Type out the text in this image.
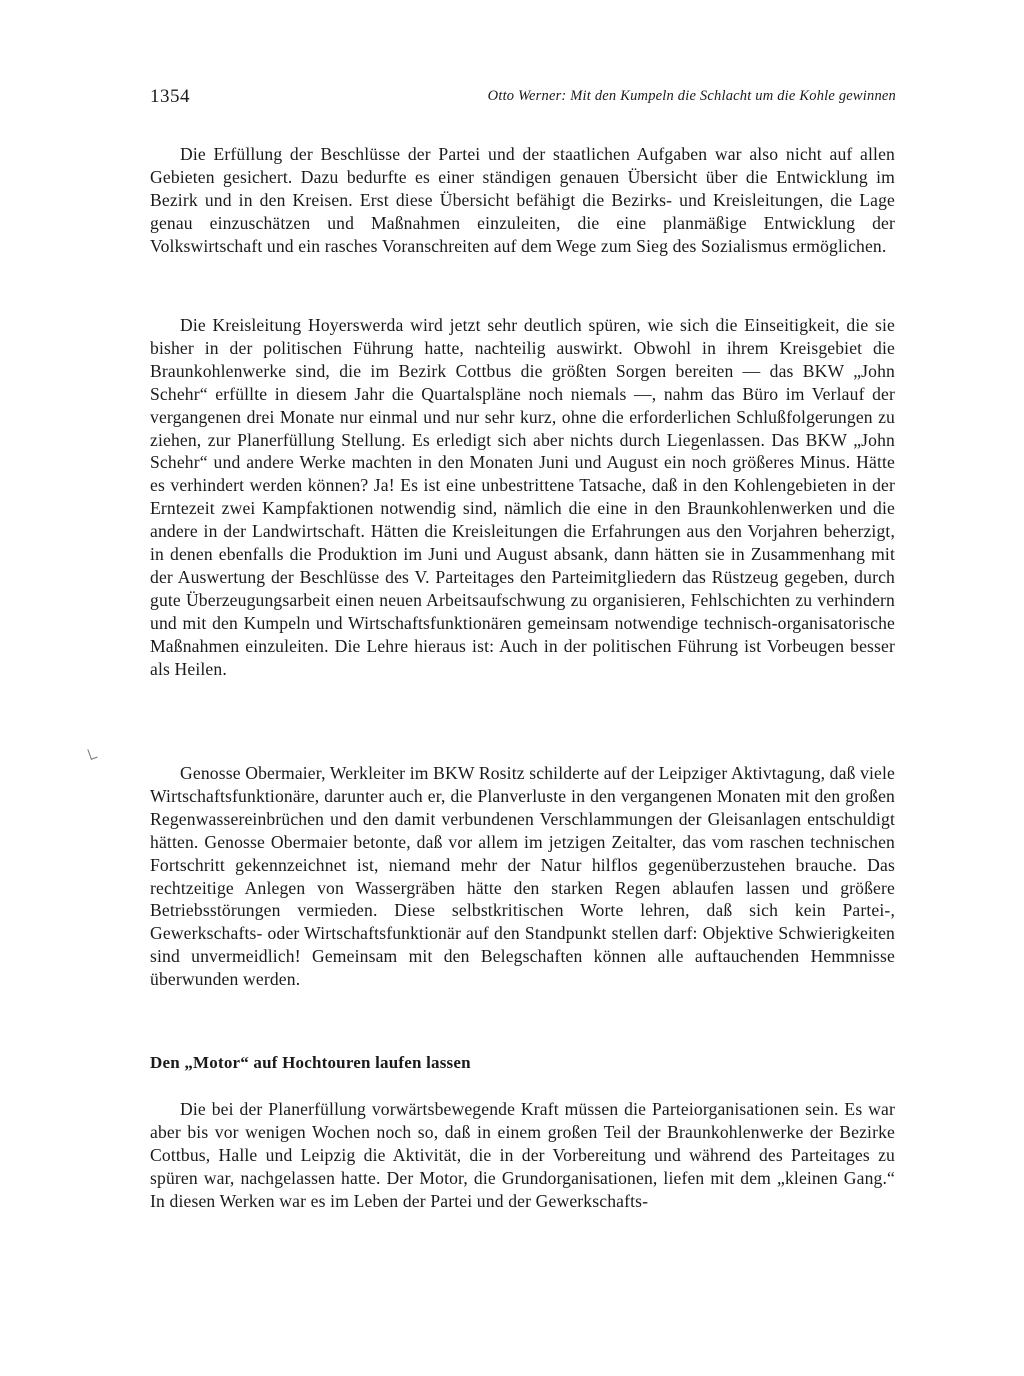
1354	Otto Werner: Mit den Kumpeln die Schlacht um die Kohle gewinnen

Die Erfüllung der Beschlüsse der Partei und der staatlichen Aufgaben war also nicht auf allen Gebieten gesichert. Dazu bedurfte es einer ständigen genauen Übersicht über die Entwicklung im Bezirk und in den Kreisen. Erst diese Übersicht befähigt die Bezirks- und Kreisleitungen, die Lage genau einzuschätzen und Maßnahmen einzuleiten, die eine planmäßige Entwicklung der Volkswirtschaft und ein rasches Voranschreiten auf dem Wege zum Sieg des Sozialismus ermöglichen.

Die Kreisleitung Hoyerswerda wird jetzt sehr deutlich spüren, wie sich die Einseitigkeit, die sie bisher in der politischen Führung hatte, nachteilig auswirkt. Obwohl in ihrem Kreisgebiet die Braunkohlenwerke sind, die im Bezirk Cottbus die größten Sorgen bereiten — das BKW „John Schehr“ erfüllte in diesem Jahr die Quartalspläne noch niemals —, nahm das Büro im Verlauf der vergangenen drei Monate nur einmal und nur sehr kurz, ohne die erforderlichen Schlußfolgerungen zu ziehen, zur Planerfüllung Stellung. Es erledigt sich aber nichts durch Liegenlassen. Das BKW „John Schehr“ und andere Werke machten in den Monaten Juni und August ein noch größeres Minus. Hätte es verhindert werden können? Ja! Es ist eine unbestrittene Tatsache, daß in den Kohlengebieten in der Erntezeit zwei Kampfaktionen notwendig sind, nämlich die eine in den Braunkohlenwerken und die andere in der Landwirtschaft. Hätten die Kreisleitungen die Erfahrungen aus den Vorjahren beherzigt, in denen ebenfalls die Produktion im Juni und August absank, dann hätten sie in Zusammenhang mit der Auswertung der Beschlüsse des V. Parteitages den Parteimitgliedern das Rüstzeug gegeben, durch gute Überzeugungsarbeit einen neuen Arbeitsaufschwung zu organisieren, Fehlschichten zu verhindern und mit den Kumpeln und Wirtschaftsfunktionären gemeinsam notwendige technisch-organisatorische Maßnahmen einzuleiten. Die Lehre hieraus ist: Auch in der politischen Führung ist Vorbeugen besser als Heilen.

Genosse Obermaier, Werkleiter im BKW Rositz schilderte auf der Leipziger Aktivtagung, daß viele Wirtschaftsfunktionäre, darunter auch er, die Planverluste in den vergangenen Monaten mit den großen Regenwassereinbrüchen und den damit verbundenen Verschlammungen der Gleisanlagen entschuldigt hätten. Genosse Obermaier betonte, daß vor allem im jetzigen Zeitalter, das vom raschen technischen Fortschritt gekennzeichnet ist, niemand mehr der Natur hilflos gegenüberzustehen brauche. Das rechtzeitige Anlegen von Wassergräben hätte den starken Regen ablaufen lassen und größere Betriebsstörungen vermieden. Diese selbstkritischen Worte lehren, daß sich kein Partei-, Gewerkschafts- oder Wirtschaftsfunktionär auf den Standpunkt stellen darf: Objektive Schwierigkeiten sind unvermeidlich! Gemeinsam mit den Belegschaften können alle auftauchenden Hemmnisse überwunden werden.

Den „Motor“ auf Hochtouren laufen lassen

Die bei der Planerfüllung vorwärtsbewegende Kraft müssen die Parteiorganisationen sein. Es war aber bis vor wenigen Wochen noch so, daß in einem großen Teil der Braunkohlenwerke der Bezirke Cottbus, Halle und Leipzig die Aktivität, die in der Vorbereitung und während des Parteitages zu spüren war, nachgelassen hatte. Der Motor, die Grundorganisationen, liefen mit dem „kleinen Gang.“ In diesen Werken war es im Leben der Partei und der Gewerkschafts-
